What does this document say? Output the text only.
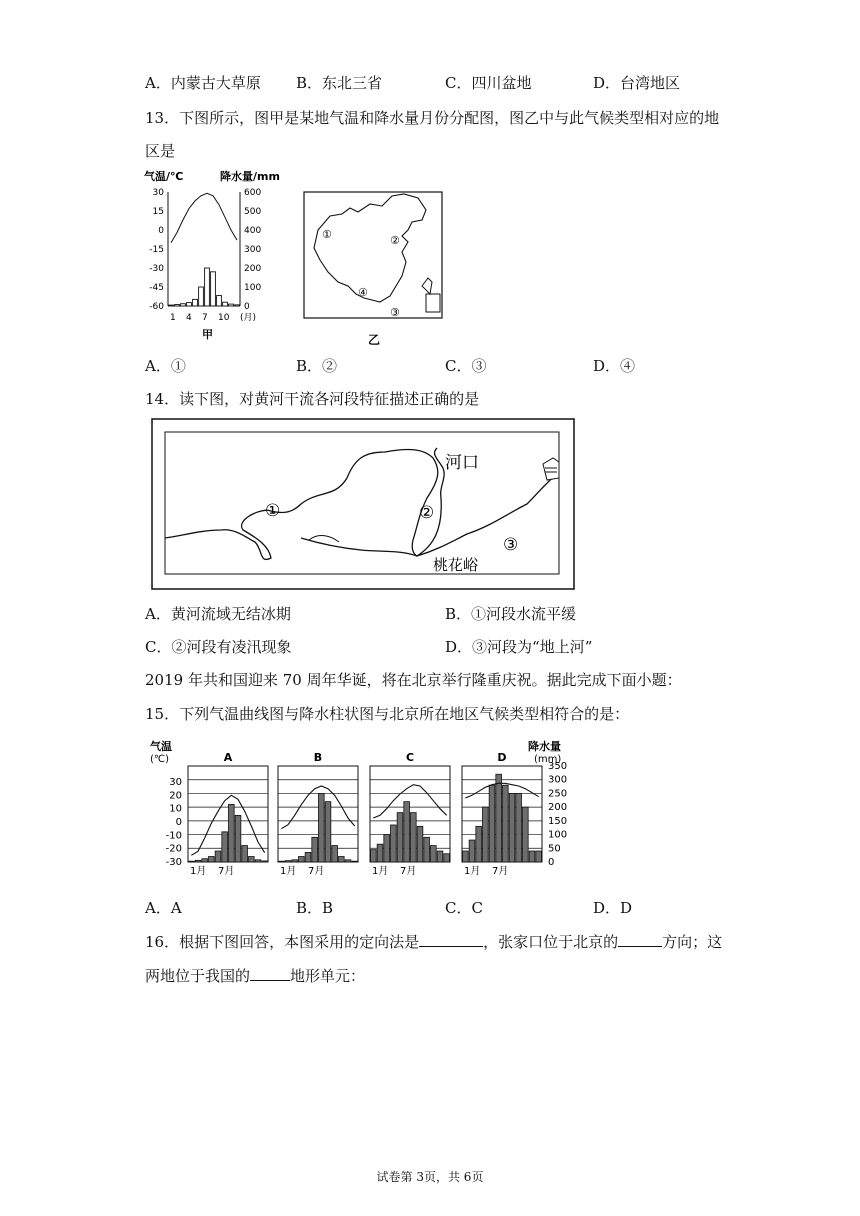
A．内蒙古大草原 B．东北三省	C．四川盆地	D．台湾地区
13．下图所示，图甲是某地气温和降水量月份分配图，图乙中与此气候类型相对应的地
区是
气温/℃	降水量/mm
30
15
0
-15
-30
-45
-60
600
500
400
300
200
100
0
1 4 7 10 (月)
甲
①	②
③
④
乙
A．①	B．②	C．③	D．④
14．读下图，对黄河干流各河段特征描述正确的是
河口
桃花峪
①	②
③
A．黄河流域无结冰期	B．①河段水流平缓
C．②河段有凌汛现象	D．③河段为“地上河”
2019 年共和国迎来 70 周年华诞，将在北京举行隆重庆祝。据此完成下面小题：
15．下列气温曲线图与降水柱状图与北京所在地区气候类型相符合的是：
气温
(℃)
降水量
(mm)
30
20
10
0
-10
-20
-30
350
300
250
200
150
100
50
0
A
1月 7月
B
1月 7月
C
1月 7月
D
1月 7月
A．A	B．B	C．C	D．D
16．根据下图回答，本图采用的定向法是	，张家口位于北京的	方向；这
两地位于我国的	地形单元：
试卷第 3页，共 6页
